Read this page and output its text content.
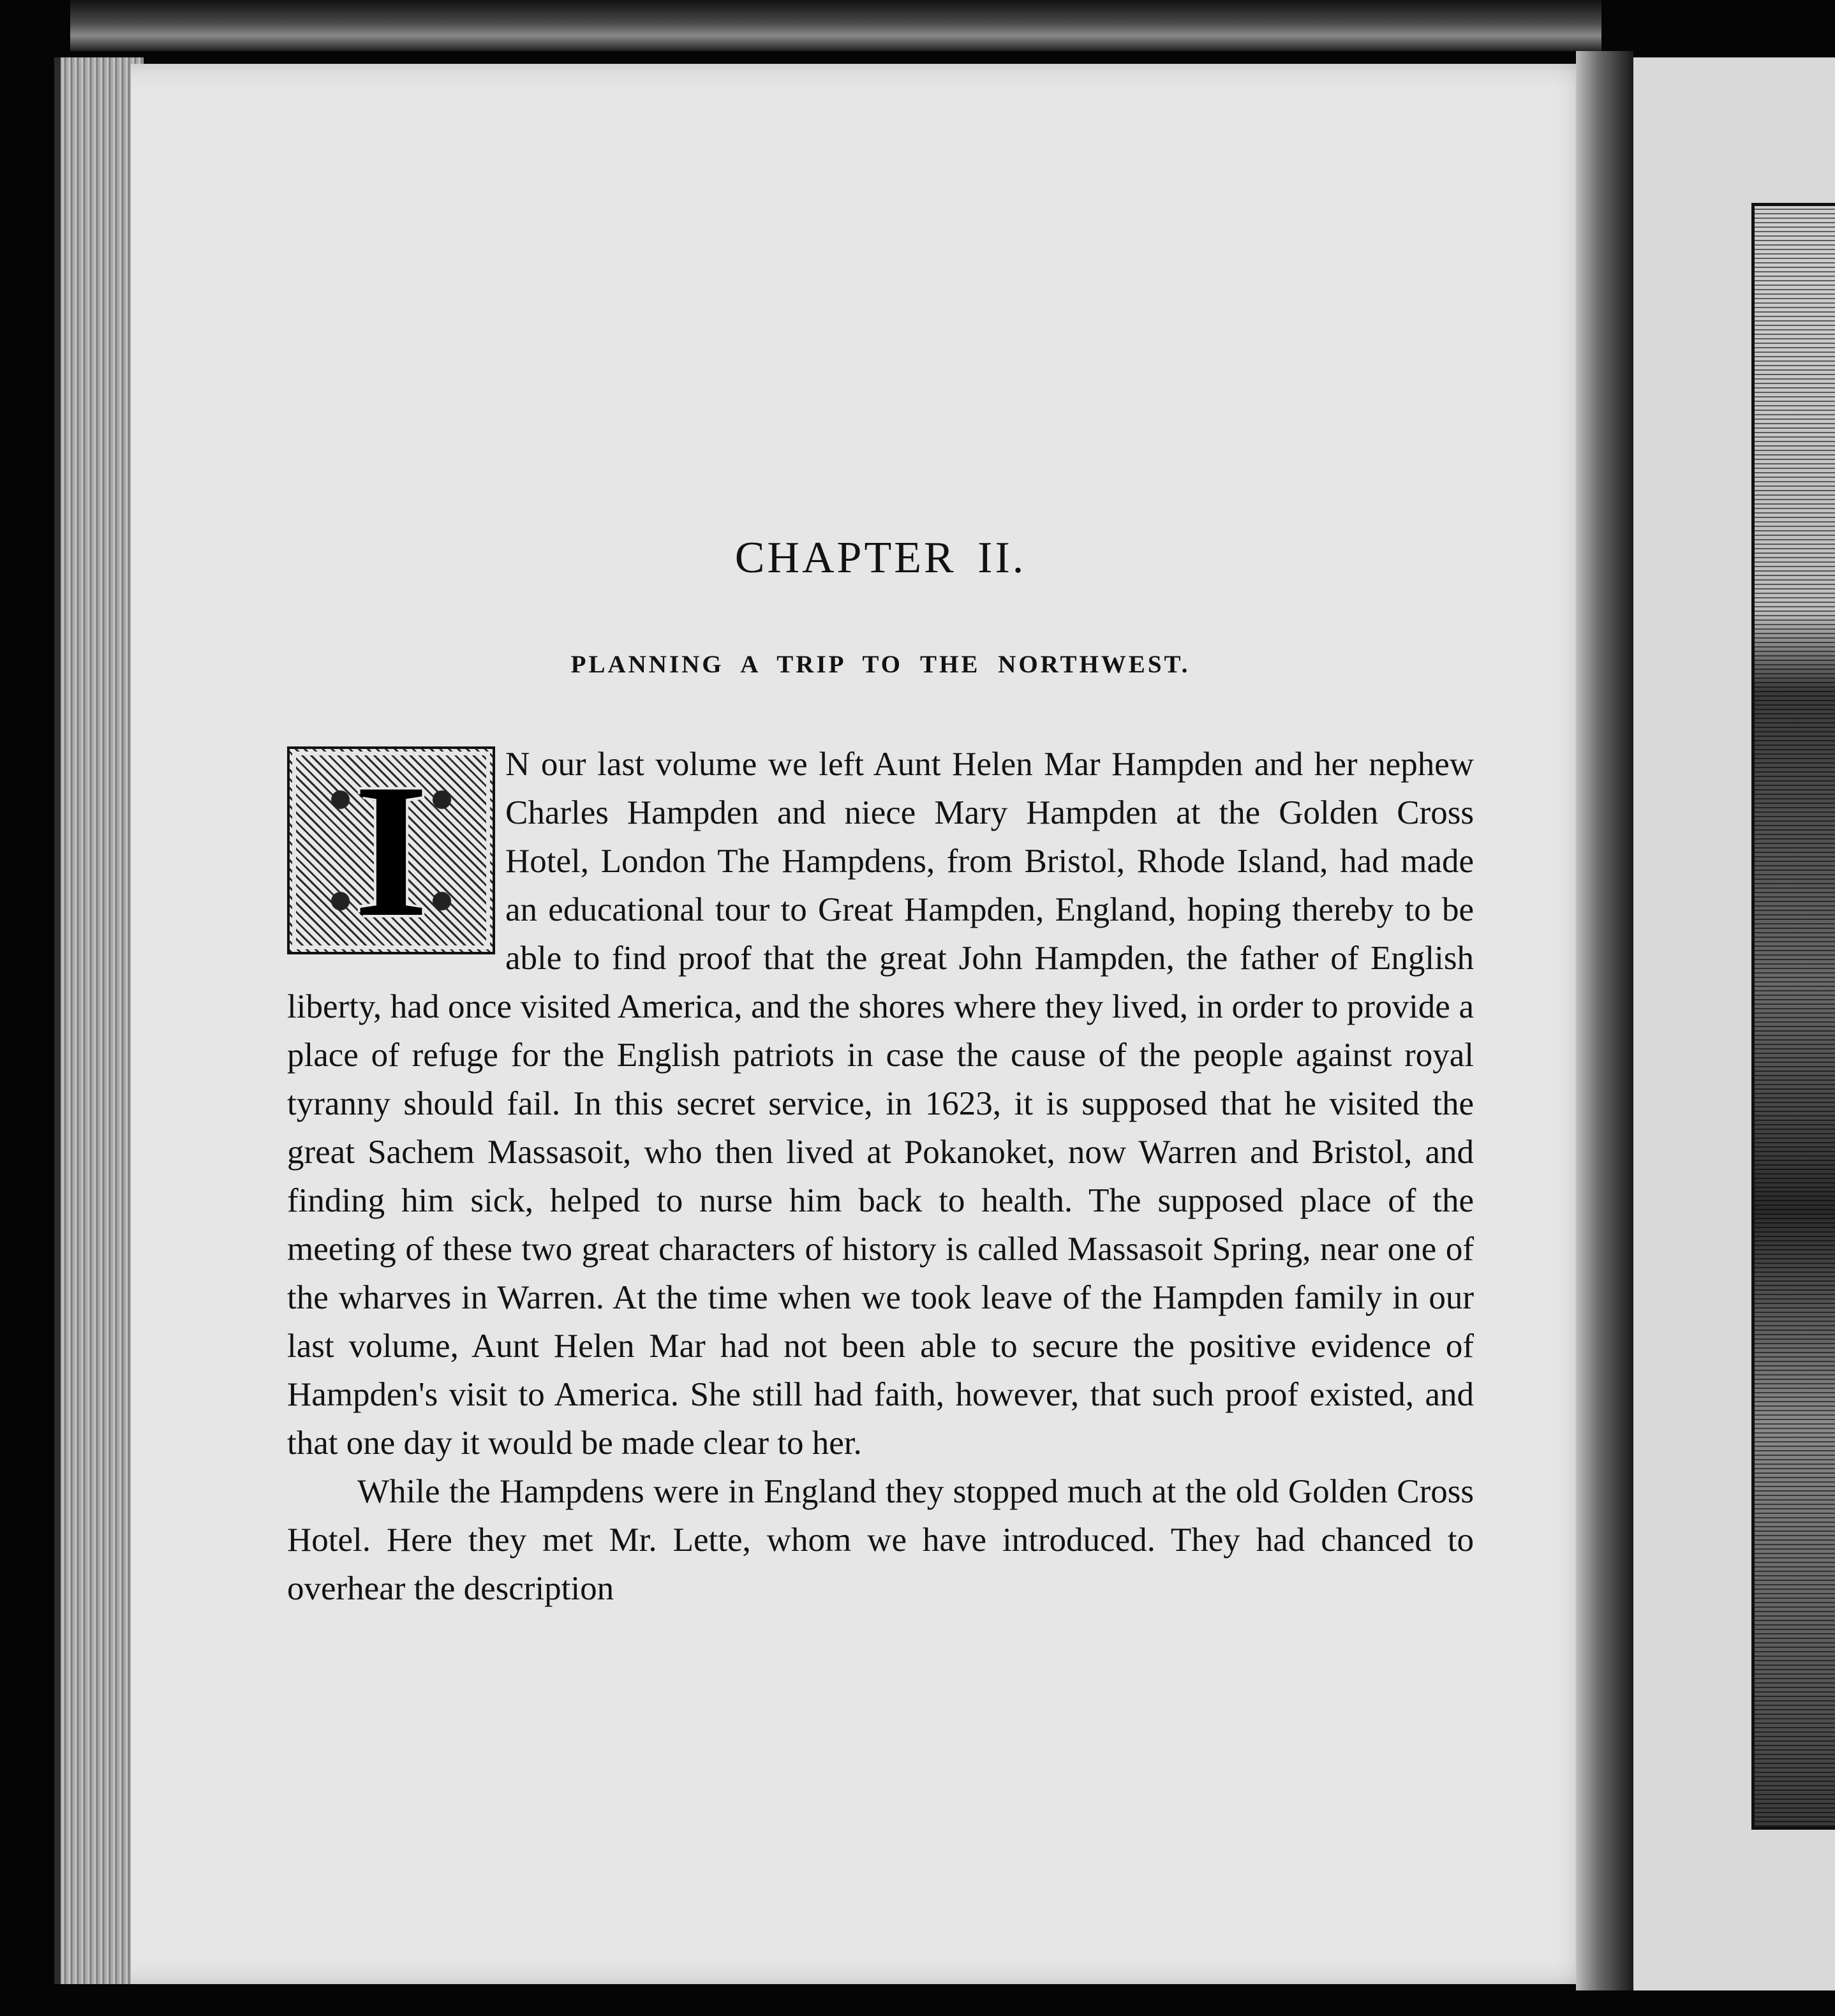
CHAPTER II.
PLANNING A TRIP TO THE NORTHWEST.
I	N our last volume we left Aunt Helen Mar Hampden and her nephew Charles Hampden and niece Mary Hampden at the Golden Cross Hotel, London The Hampdens, from Bristol, Rhode Island, had made an educational tour to Great Hampden, England, hoping thereby to be able to find proof that the great John Hampden, the father of English liberty, had once visited America, and the shores where they lived, in order to provide a place of refuge for the English patriots in case the cause of the people against royal tyranny should fail. In this secret service, in 1623, it is supposed that he visited the great Sachem Massasoit, who then lived at Pokanoket, now Warren and Bristol, and finding him sick, helped to nurse him back to health. The supposed place of the meeting of these two great characters of history is called Massasoit Spring, near one of the wharves in Warren. At the time when we took leave of the Hampden family in our last volume, Aunt Helen Mar had not been able to secure the positive evidence of Hampden's visit to America. She still had faith, however, that such proof existed, and that one day it would be made clear to her.
While the Hampdens were in England they stopped much at the old Golden Cross Hotel. Here they met Mr. Lette, whom we have introduced. They had chanced to overhear the description
